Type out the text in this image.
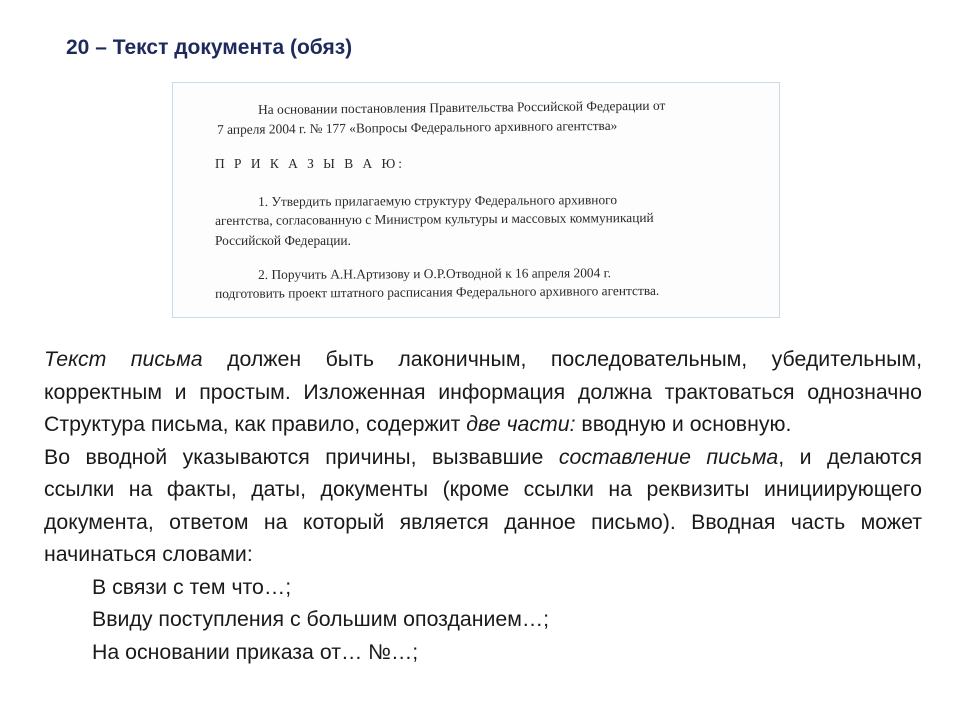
20 – Текст документа (обяз)
На основании постановления Правительства Российской Федерации от
7 апреля 2004 г. № 177 «Вопросы Федерального архивного агентства»
П Р И К А З Ы В А Ю:
1. Утвердить прилагаемую структуру Федерального архивного
агентства, согласованную с Министром культуры и массовых коммуникаций
Российской Федерации.
2. Поручить А.Н.Артизову и О.Р.Отводной к 16 апреля 2004 г.
подготовить проект штатного расписания Федерального архивного агентства.

Текст письма должен быть лаконичным, последовательным, убедительным, корректным и простым. Изложенная информация должна трактоваться однозначно Структура письма, как правило, содержит две части: вводную и основную.

Во вводной указываются причины, вызвавшие составление письма, и делаются ссылки на факты, даты, документы (кроме ссылки на реквизиты инициирующего документа, ответом на который является данное письмо). Вводная часть может начинаться словами:

В связи с тем что…;

Ввиду поступления с большим опозданием…;

На основании приказа от… №…;
